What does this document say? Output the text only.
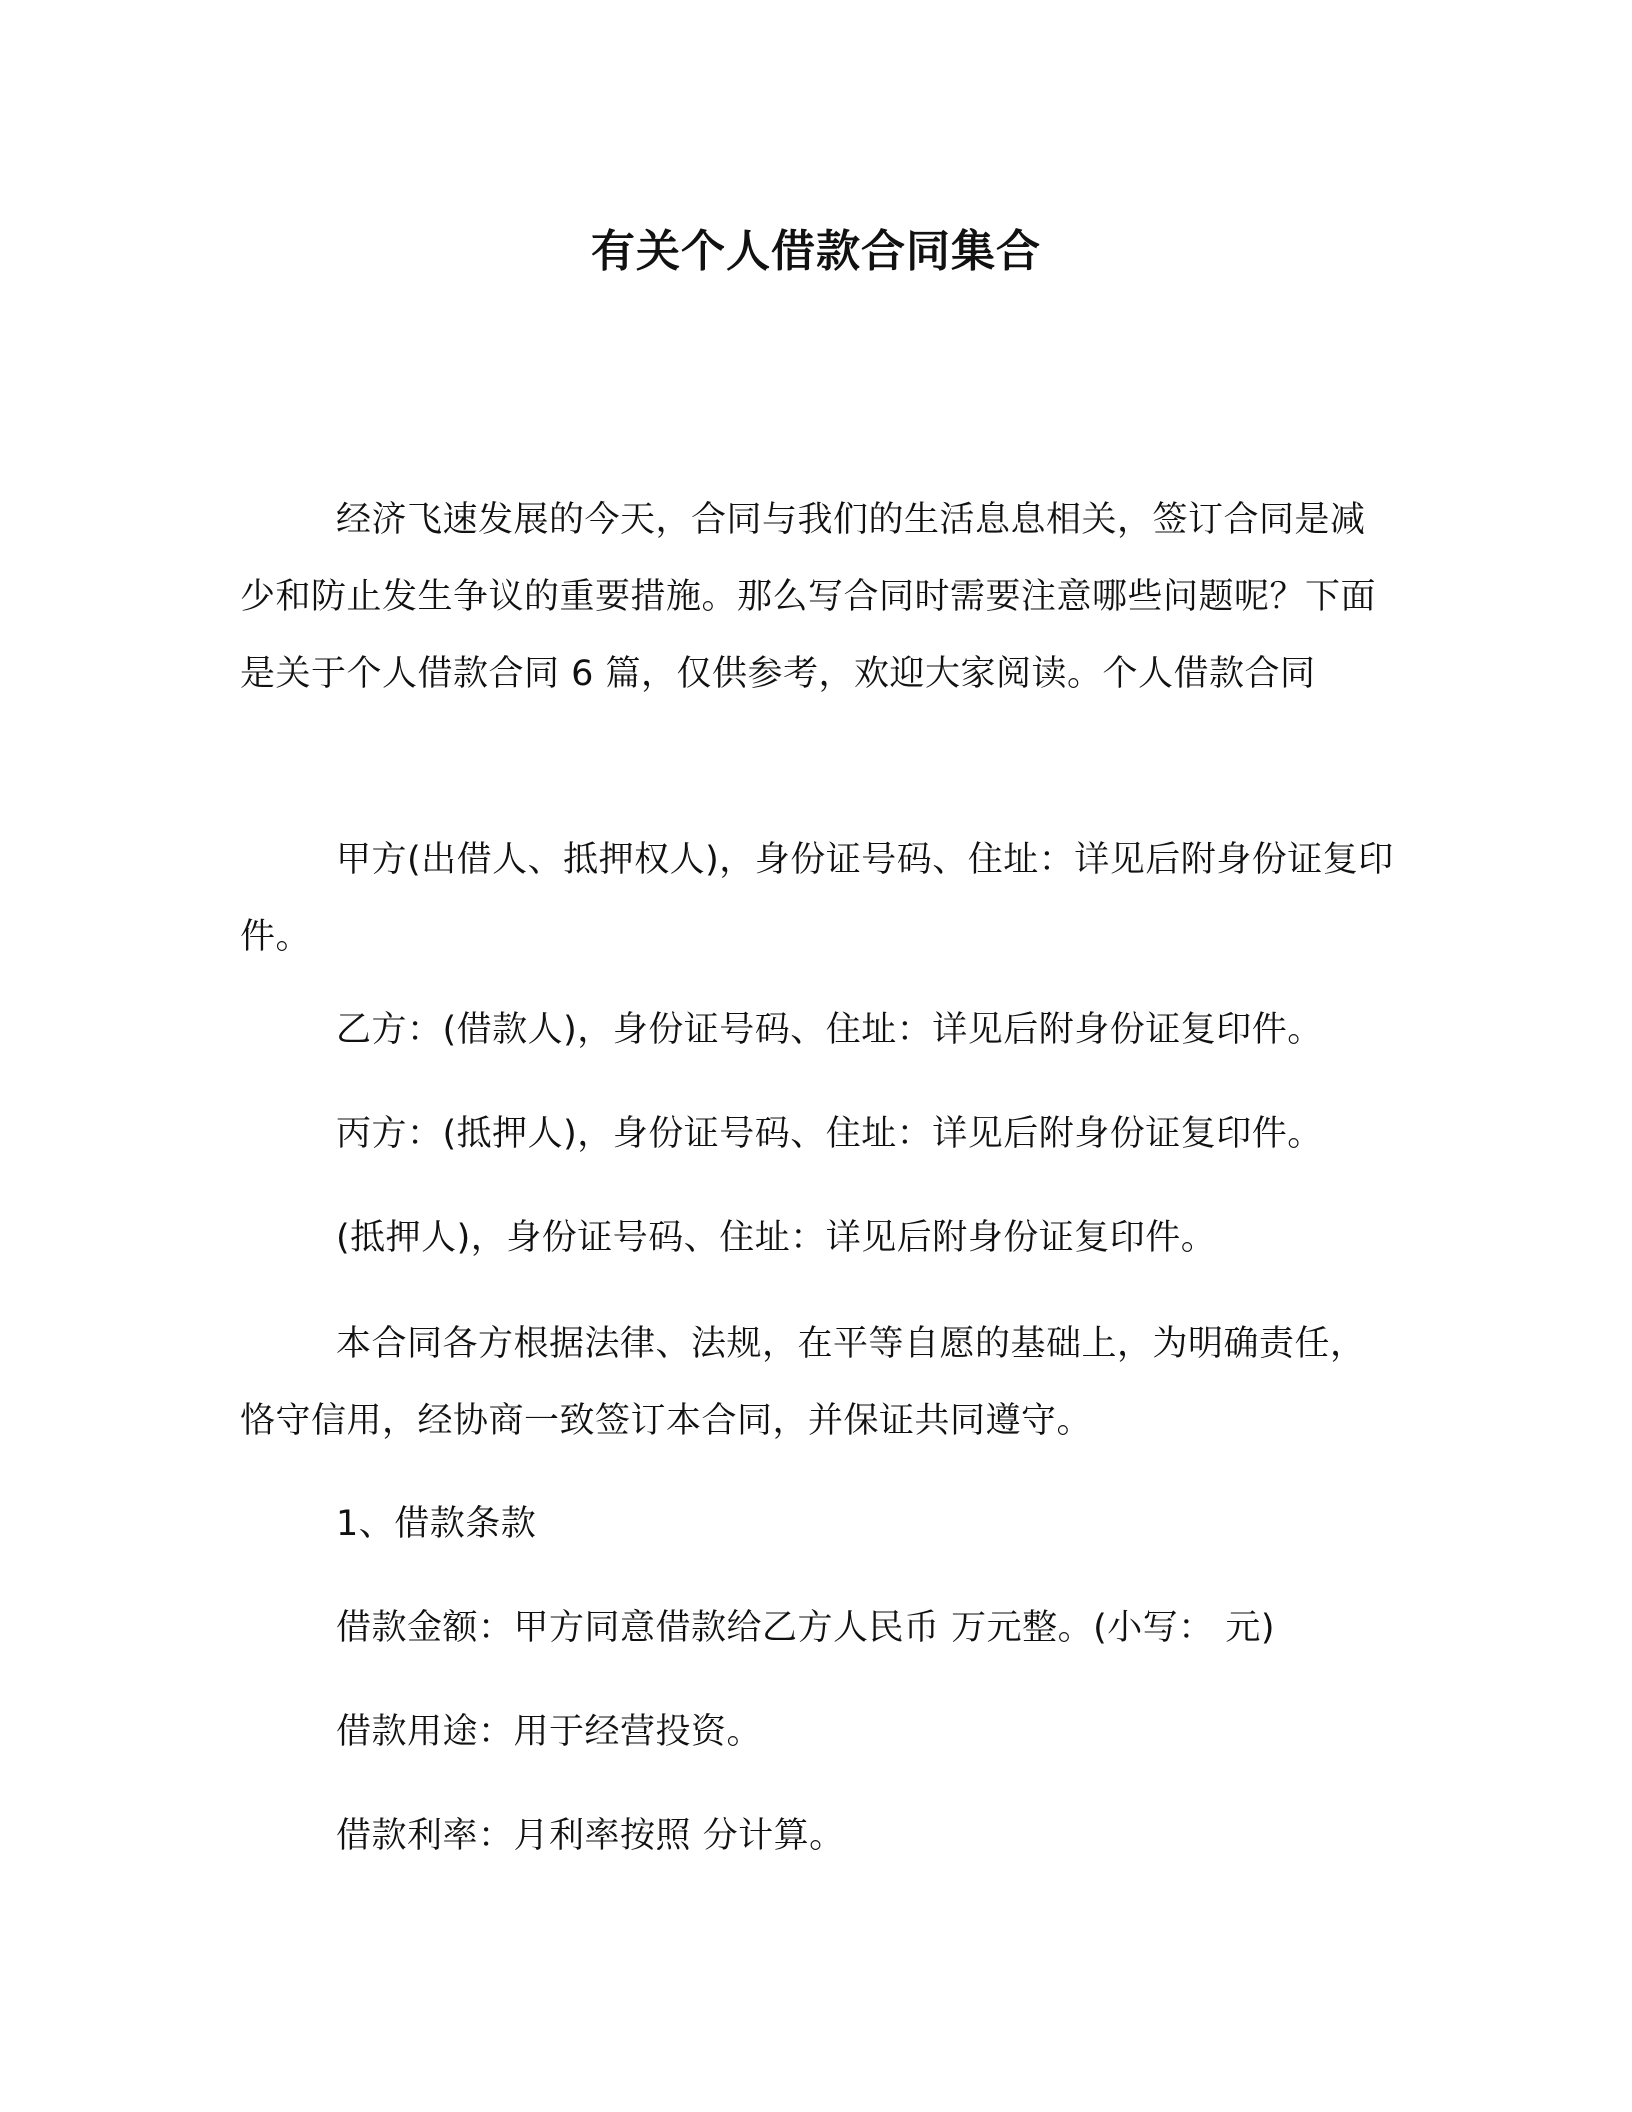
有关个人借款合同集合

经济飞速发展的今天，合同与我们的生活息息相关，签订合同是减少和防止发生争议的重要措施。那么写合同时需要注意哪些问题呢？下面是关于个人借款合同 6 篇，仅供参考，欢迎大家阅读。个人借款合同

甲方(出借人、抵押权人)，身份证号码、住址：详见后附身份证复印件。

乙方：(借款人)，身份证号码、住址：详见后附身份证复印件。
丙方：(抵押人)，身份证号码、住址：详见后附身份证复印件。
(抵押人)，身份证号码、住址：详见后附身份证复印件。

本合同各方根据法律、法规，在平等自愿的基础上，为明确责任，恪守信用，经协商一致签订本合同，并保证共同遵守。

1、借款条款
借款金额：甲方同意借款给乙方人民币 万元整。(小写： 元)
借款用途：用于经营投资。
借款利率：月利率按照 分计算。
